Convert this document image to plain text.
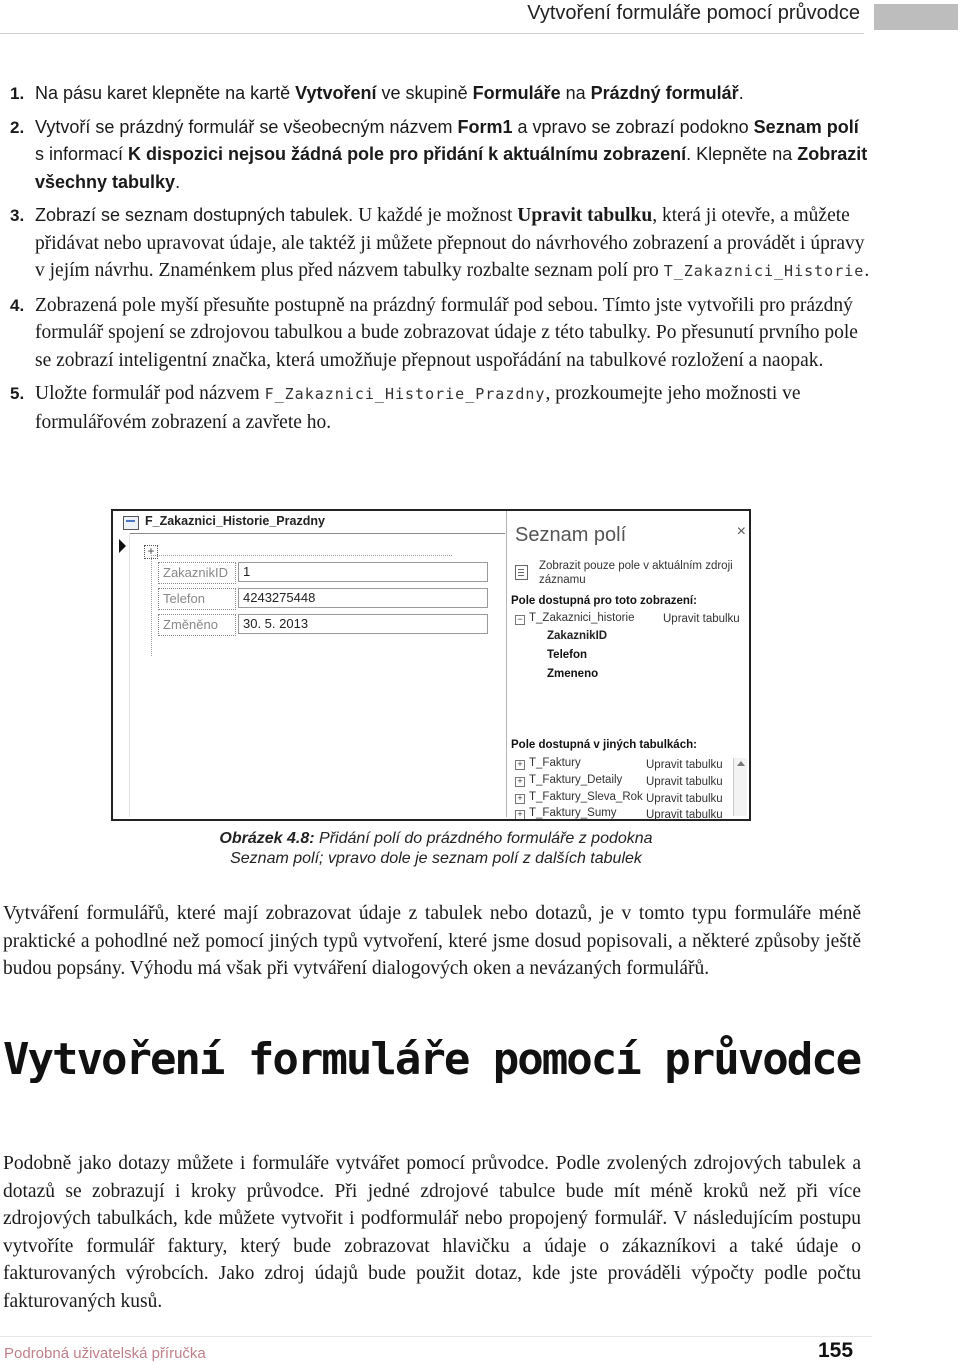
Vytvoření formuláře pomocí průvodce
1. Na pásu karet klepněte na kartě Vytvoření ve skupině Formuláře na Prázdný formulář.
2. Vytvoří se prázdný formulář se všeobecným názvem Form1 a vpravo se zobrazí podokno Seznam polí s informací K dispozici nejsou žádná pole pro přidání k aktuálnímu zobrazení. Klepněte na Zobrazit všechny tabulky.
3. Zobrazí se seznam dostupných tabulek. U každé je možnost Upravit tabulku, která ji otevře, a můžete přidávat nebo upravovat údaje, ale taktéž ji můžete přepnout do návrhového zobrazení a provádět i úpravy v jejím návrhu. Znaménkem plus před názvem tabulky rozbalte seznam polí pro T_Zakaznici_Historie.
4. Zobrazená pole myší přesuňte postupně na prázdný formulář pod sebou. Tímto jste vytvořili pro prázdný formulář spojení se zdrojovou tabulkou a bude zobrazovat údaje z této tabulky. Po přesunutí prvního pole se zobrazí inteligentní značka, která umožňuje přepnout uspořádání na tabulkové rozložení a naopak.
5. Uložte formulář pod názvem F_Zakaznici_Historie_Prazdny, prozkoumejte jeho možnosti ve formulářovém zobrazení a zavřete ho.
F_Zakaznici_Historie_Prazdny
+
ZakaznikID	1
Telefon	4243275448
Změněno	30. 5. 2013
Seznam polí	×
Zobrazit pouze pole v aktuálním zdroji záznamu
Pole dostupná pro toto zobrazení:
− T_Zakaznici_historie Upravit tabulku
ZakaznikID
Telefon
Zmeneno
Pole dostupná v jiných tabulkách:
+ T_Faktury	Upravit tabulku
+ T_Faktury_Detaily Upravit tabulku
+ T_Faktury_Sleva_Rok Upravit tabulku
+ T_Faktury_Sumy	Upravit tabulku
Obrázek 4.8: Přidání polí do prázdného formuláře z podokna Seznam polí; vpravo dole je seznam polí z dalších tabulek

Vytváření formulářů, které mají zobrazovat údaje z tabulek nebo dotazů, je v tomto typu formuláře méně praktické a pohodlné než pomocí jiných typů vytvoření, které jsme dosud popisovali, a některé způsoby ještě budou popsány. Výhodu má však při vytváření dialogových oken a nevázaných formulářů.

Vytvoření formuláře pomocí průvodce

Podobně jako dotazy můžete i formuláře vytvářet pomocí průvodce. Podle zvolených zdrojových tabulek a dotazů se zobrazují i kroky průvodce. Při jedné zdrojové tabulce bude mít méně kroků než při více zdrojových tabulkách, kde můžete vytvořit i podformulář nebo propojený formulář. V následujícím postupu vytvoříte formulář faktury, který bude zobrazovat hlavičku a údaje o zákazníkovi a také údaje o fakturovaných výrobcích. Jako zdroj údajů bude použit dotaz, kde jste prováděli výpočty podle počtu fakturovaných kusů.

Podrobná uživatelská příručka	155
